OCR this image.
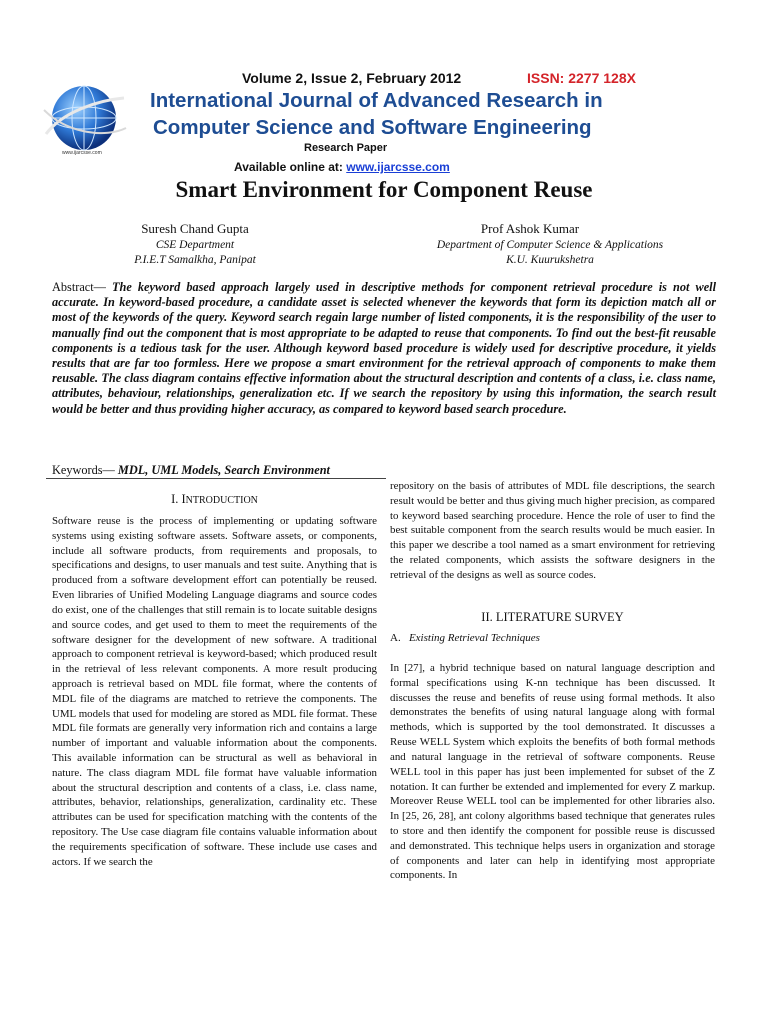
www.ijarcsse.com
Volume 2, Issue 2, February 2012	ISSN: 2277 128X
International Journal of Advanced Research in
Computer Science and Software Engineering
Research Paper
Available online at: www.ijarcsse.com
Smart Environment for Component Reuse
Suresh Chand Gupta
CSE Department
P.I.E.T Samalkha, Panipat
Prof Ashok Kumar
Department of Computer Science & Applications
K.U. Kuurukshetra
Abstract— The keyword based approach largely used in descriptive methods for component retrieval procedure is not well accurate. In keyword-based procedure, a candidate asset is selected whenever the keywords that form its depiction match all or most of the keywords of the query. Keyword search regain large number of listed components, it is the responsibility of the user to manually find out the component that is most appropriate to be adapted to reuse that components. To find out the best-fit reusable components is a tedious task for the user. Although keyword based procedure is widely used for descriptive procedure, it yields results that are far too formless. Here we propose a smart environment for the retrieval approach of components to make them reusable. The class diagram contains effective information about the structural description and contents of a class, i.e. class name, attributes, behaviour, relationships, generalization etc. If we search the repository by using this information, the search result would be better and thus providing higher accuracy, as compared to keyword based search procedure.
Keywords— MDL, UML Models, Search Environment
I. INTRODUCTION
Software reuse is the process of implementing or updating software systems using existing software assets. Software assets, or components, include all software products, from requirements and proposals, to specifications and designs, to user manuals and test suite. Anything that is produced from a software development effort can potentially be reused. Even libraries of Unified Modeling Language diagrams and source codes do exist, one of the challenges that still remain is to locate suitable designs and source codes, and get used to them to meet the requirements of the software designer for the development of new software. A traditional approach to component retrieval is keyword-based; which produced result in the retrieval of less relevant components. A more result producing approach is retrieval based on MDL file format, where the contents of MDL file of the diagrams are matched to retrieve the components. The UML models that used for modeling are stored as MDL file format. These MDL file formats are generally very information rich and contains a large number of important and valuable information about the components. This available information can be structural as well as behavioral in nature. The class diagram MDL file format have valuable information about the structural description and contents of a class, i.e. class name, attributes, behavior, relationships, generalization, cardinality etc. These attributes can be used for specification matching with the contents of the repository. The Use case diagram file contains valuable information about the requirements specification of software. These include use cases and actors. If we search the
repository on the basis of attributes of MDL file descriptions, the search result would be better and thus giving much higher precision, as compared to keyword based searching procedure. Hence the role of user to find the best suitable component from the search results would be much easier. In this paper we describe a tool named as a smart environment for retrieving the related components, which assists the software designers in the retrieval of the designs as well as source codes.
II. LITERATURE SURVEY
A. Existing Retrieval Techniques
In [27], a hybrid technique based on natural language description and formal specifications using K-nn technique has been discussed. It discusses the reuse and benefits of reuse using formal methods. It also demonstrates the benefits of using natural language along with formal methods, which is supported by the tool demonstrated. It discusses a Reuse WELL System which exploits the benefits of both formal methods and natural language in the retrieval of software components. Reuse WELL tool in this paper has just been implemented for subset of the Z notation. It can further be extended and implemented for every Z markup. Moreover Reuse WELL tool can be implemented for other libraries also. In [25, 26, 28], ant colony algorithms based technique that generates rules to store and then identify the component for possible reuse is discussed and demonstrated. This technique helps users in organization and storage of components and later can help in identifying most appropriate components. In
